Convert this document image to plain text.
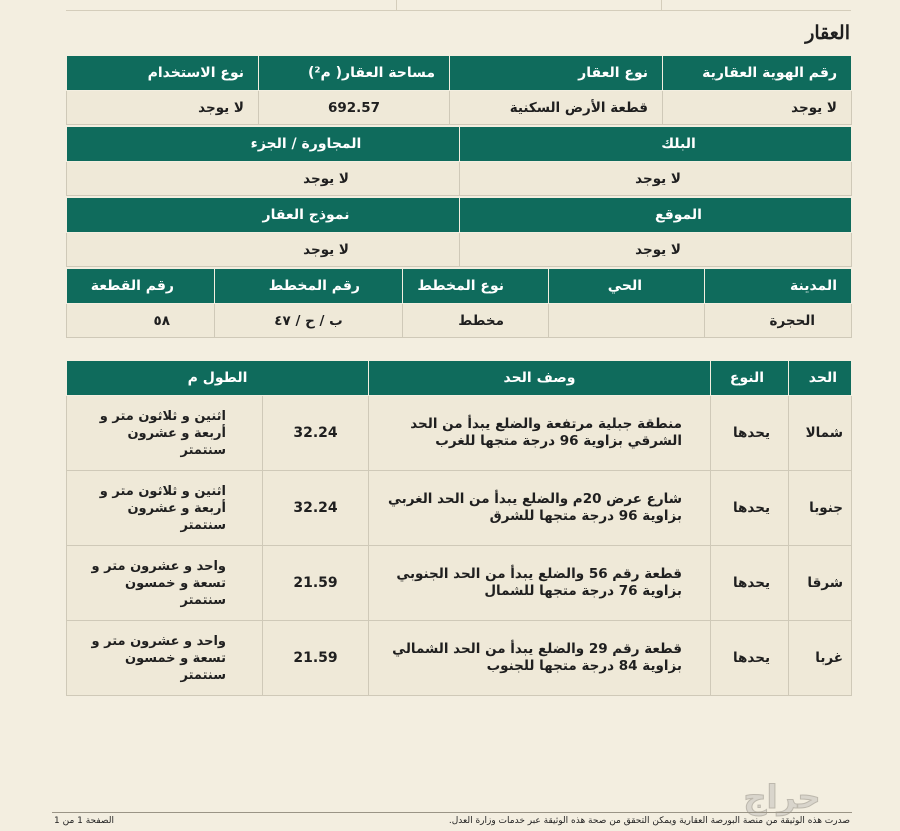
العقار
رقم الهوية العقارية	نوع العقار	مساحة العقار( م²)	نوع الاستخدام
لا يوجد	قطعة الأرض السكنية	692.57	لا يوجد
البلك	المجاورة / الجزء
لا يوجد	لا يوجد
الموقع	نموذج العقار
لا يوجد	لا يوجد
المدينة	الحي	نوع المخطط	رقم المخطط	رقم القطعة
الحجرة		مخطط	ب / ح / ٤٧	٥٨
الحد	النوع	وصف الحد	الطول م	
شمالا	يحدها	منطقة جبلية مرتفعة والضلع يبدأ من الحد الشرقي بزاوية 96 درجة متجها للغرب	32.24	اثنين و ثلاثون متر و أربعة و عشرون سنتمتر
جنوبا	يحدها	شارع عرض 20م والضلع يبدأ من الحد الغربي بزاوية 96 درجة متجها للشرق	32.24	اثنين و ثلاثون متر و أربعة و عشرون سنتمتر
شرقا	يحدها	قطعة رقم 56 والضلع يبدأ من الحد الجنوبي بزاوية 76 درجة متجها للشمال	21.59	واحد و عشرون متر و تسعة و خمسون سنتمتر
غربا	يحدها	قطعة رقم 29 والضلع يبدأ من الحد الشمالي بزاوية 84 درجة متجها للجنوب	21.59	واحد و عشرون متر و تسعة و خمسون سنتمتر
حراج
صدرت هذه الوثيقة من منصة البورصة العقارية ويمكن التحقق من صحة هذه الوثيقة عبر خدمات وزارة العدل.
الصفحة 1 من 1
